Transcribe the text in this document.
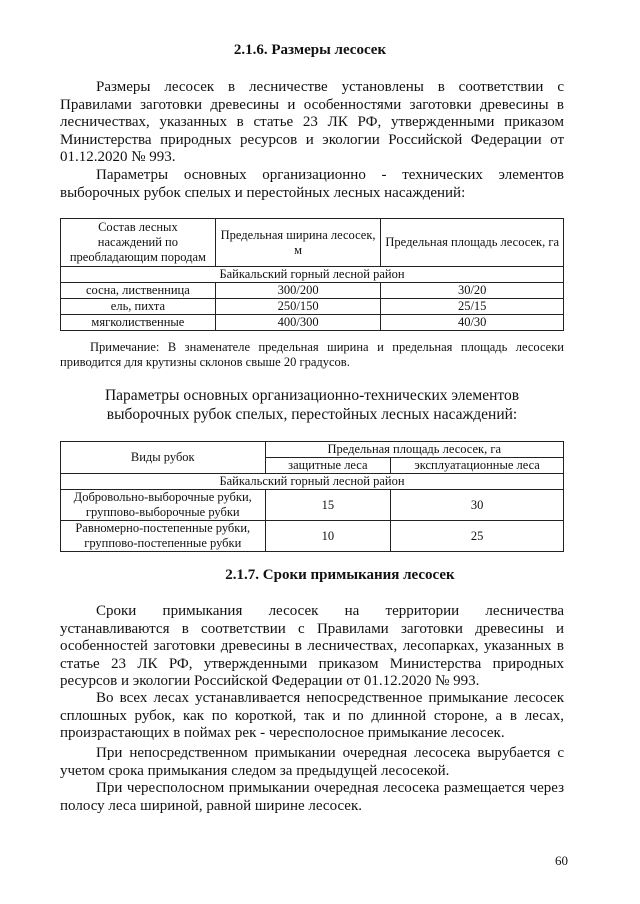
2.1.6. Размеры лесосек

Размеры лесосек в лесничестве установлены в соответствии с Правилами заготовки древесины и особенностями заготовки древесины в лесничествах, указанных в статье 23 ЛК РФ, утвержденными приказом Министерства природных ресурсов и экологии Российской Федерации от 01.12.2020 № 993.

Параметры основных организационно - технических элементов выборочных рубок спелых и перестойных лесных насаждений:

Состав лесных насаждений по преобладающим породам	Предельная ширина лесосек, м	Предельная площадь лесосек, га
Байкальский горный лесной район		
сосна, лиственница	300/200	30/20
ель, пихта	250/150	25/15
мягколиственные	400/300	40/30

Примечание: В знаменателе предельная ширина и предельная площадь лесосеки приводится для крутизны склонов свыше 20 градусов.

Параметры основных организационно-технических элементов

выборочных рубок спелых, перестойных лесных насаждений:

Виды рубок	Предельная площадь лесосек, га	
	защитные леса	эксплуатационные леса
Байкальский горный лесной район		
Добровольно-выборочные рубки, группово-выборочные рубки	15	30
Равномерно-постепенные рубки, группово-постепенные рубки	10	25
2.1.7. Сроки примыкания лесосек

Сроки примыкания лесосек на территории лесничества устанавливаются в соответствии с Правилами заготовки древесины и особенностей заготовки древесины в лесничествах, лесопарках, указанных в статье 23 ЛК РФ, утвержденными приказом Министерства природных ресурсов и экологии Российской Федерации от 01.12.2020 № 993.

Во всех лесах устанавливается непосредственное примыкание лесосек сплошных рубок, как по короткой, так и по длинной стороне, а в лесах, произрастающих в поймах рек - чересполосное примыкание лесосек.

При непосредственном примыкании очередная лесосека вырубается с учетом срока примыкания следом за предыдущей лесосекой.

При чересполосном примыкании очередная лесосека размещается через полосу леса шириной, равной ширине лесосек.

60
